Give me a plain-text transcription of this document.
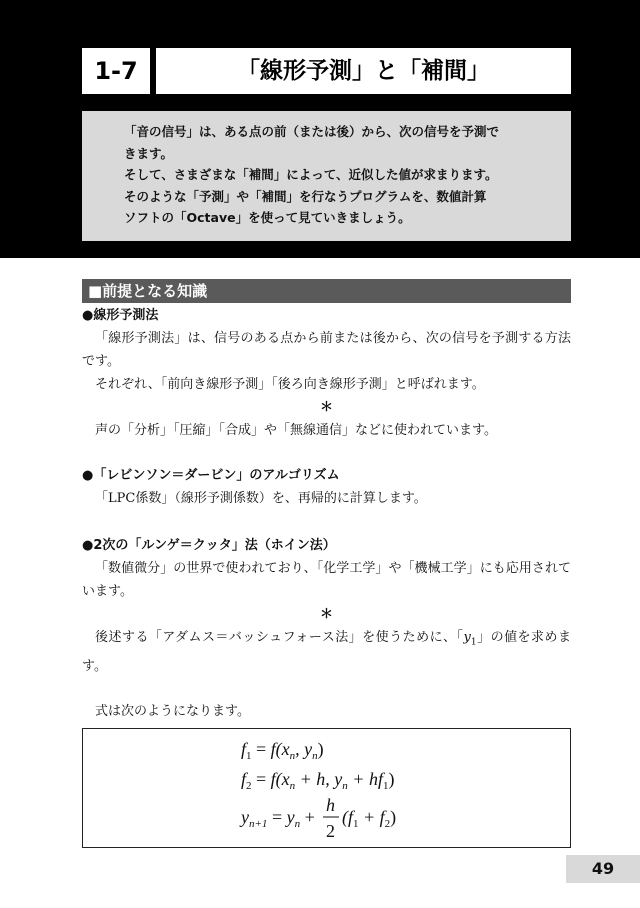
1-7	「線形予測」と「補間」

「音の信号」は、ある点の前（または後）から、次の信号を予測で

きます。

そして、さまざまな「補間」によって、近似した値が求まります。

そのような「予測」や「補間」を行なうプログラムを、数値計算

ソフトの「Octave」を使って見ていきましょう。

■前提となる知識
●線形予測法

「線形予測法」は、信号のある点から前または後から、次の信号を予測する方法です。

それぞれ、「前向き線形予測」「後ろ向き線形予測」と呼ばれます。

＊

声の「分析」「圧縮」「合成」や「無線通信」などに使われています。

●「レビンソン＝ダービン」のアルゴリズム

「LPC係数」（線形予測係数）を、再帰的に計算します。

●2次の「ルンゲ＝クッタ」法（ホイン法）

「数値微分」の世界で使われており、「化学工学」や「機械工学」にも応用されています。

＊

後述する「アダムス＝バッシュフォース法」を使うために、「$y_1$」の値を求めます。

式は次のようになります。

$f_1 = f(x_n$, $y_n$)
$f_2 = f(x_n + h$, $y_n + hf_1$)
$y_{n+1} = y_n$ +
h
2
$(f_1 + f_2)$
49
